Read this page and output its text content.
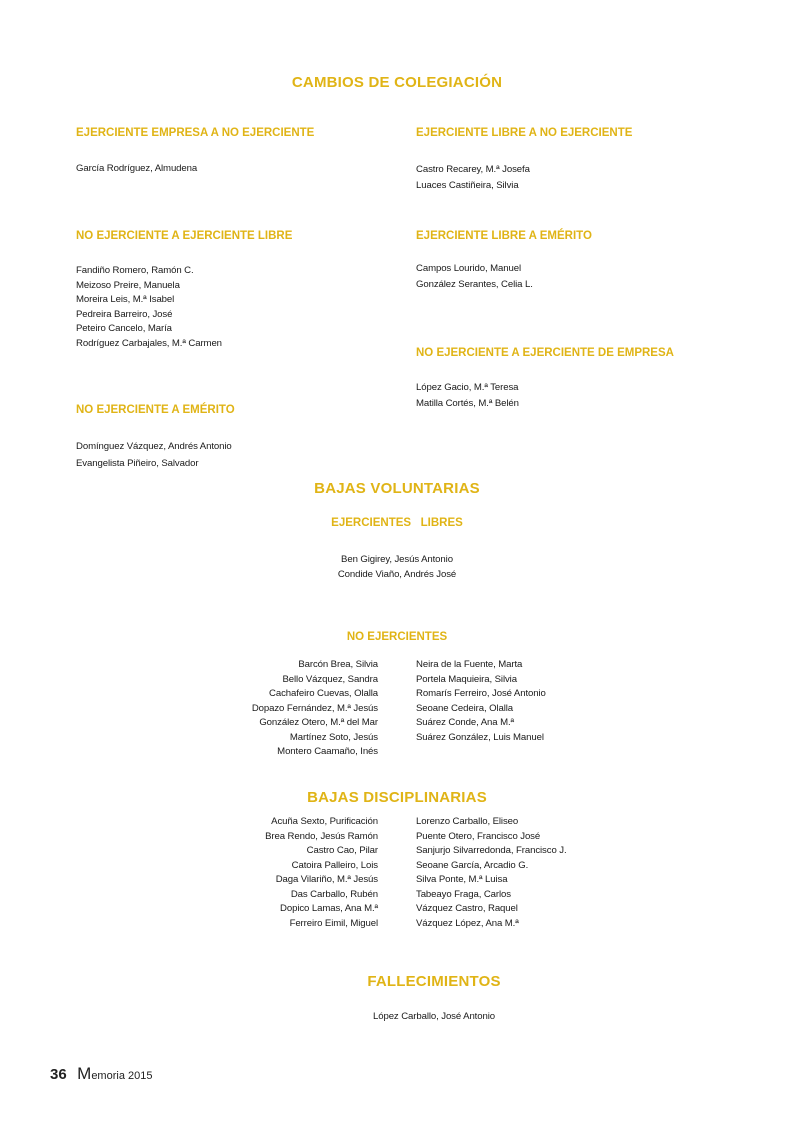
CAMBIOS DE COLEGIACIÓN
EJERCIENTE EMPRESA A NO EJERCIENTE
García Rodríguez, Almudena
NO EJERCIENTE A EJERCIENTE LIBRE
Fandiño Romero, Ramón C.
Meizoso Preire, Manuela
Moreira Leis, M.ª Isabel
Pedreira Barreiro, José
Peteiro Cancelo, María
Rodríguez Carbajales, M.ª Carmen
NO EJERCIENTE A EMÉRITO
Domínguez Vázquez, Andrés Antonio
Evangelista Piñeiro, Salvador
EJERCIENTE LIBRE A NO EJERCIENTE
Castro Recarey, M.ª Josefa
Luaces Castiñeira, Silvia
EJERCIENTE LIBRE A EMÉRITO
Campos Lourido, Manuel
González Serantes, Celia L.
NO EJERCIENTE A EJERCIENTE DE EMPRESA
López Gacio, M.ª Teresa
Matilla Cortés, M.ª Belén
BAJAS VOLUNTARIAS
EJERCIENTES   LIBRES
Ben Gigirey, Jesús Antonio
Condide Viaño, Andrés José
NO EJERCIENTES
Barcón Brea, Silvia
Bello Vázquez, Sandra
Cachafeiro Cuevas, Olalla
Dopazo Fernández, M.ª Jesús
González Otero, M.ª del Mar
Martínez Soto, Jesús
Montero Caamaño, Inés
Neira de la Fuente, Marta
Portela Maquieira, Silvia
Romarís Ferreiro, José Antonio
Seoane Cedeira, Olalla
Suárez Conde, Ana M.ª
Suárez González, Luis Manuel
BAJAS DISCIPLINARIAS
Acuña Sexto, Purificación
Brea Rendo, Jesús Ramón
Castro Cao, Pilar
Catoira Palleiro, Lois
Daga Vilariño, M.ª Jesús
Das Carballo, Rubén
Dopico Lamas, Ana M.ª
Ferreiro Eimil, Miguel
Lorenzo Carballo, Eliseo
Puente Otero, Francisco José
Sanjurjo Silvarredonda, Francisco J.
Seoane García, Arcadio G.
Silva Ponte, M.ª Luisa
Tabeayo Fraga, Carlos
Vázquez Castro, Raquel
Vázquez López, Ana M.ª
FALLECIMIENTOS
López Carballo, José Antonio
36 Memoria 2015
